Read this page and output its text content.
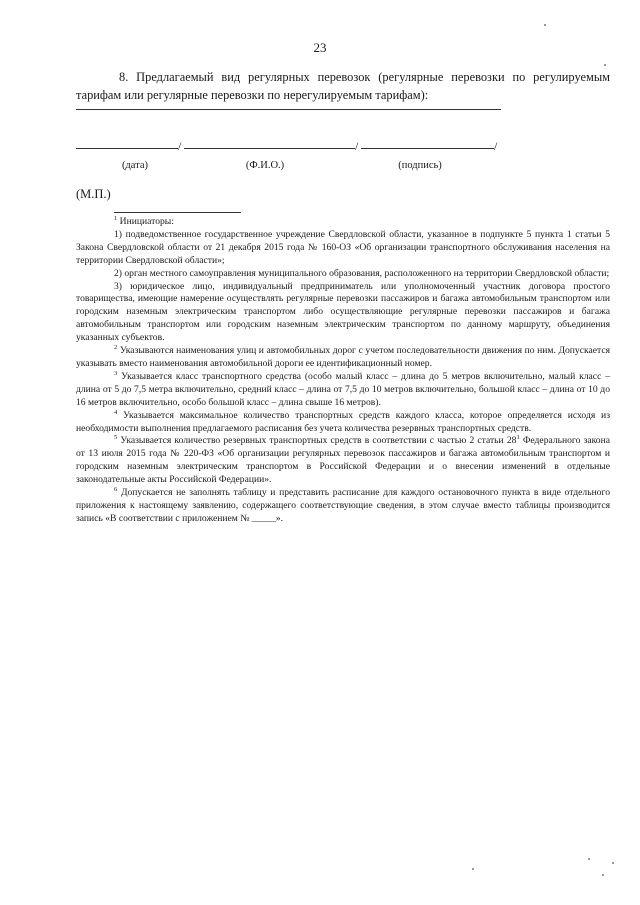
23

8. Предлагаемый вид регулярных перевозок (регулярные перевозки по регулируемым тарифам или регулярные перевозки по нерегулируемым тарифам):

/	/	/
(дата)	(Ф.И.О.)	(подпись)
(М.П.)

$^1$ Инициаторы:

1) подведомственное государственное учреждение Свердловской области, указанное в подпункте 5 пункта 1 статьи 5 Закона Свердловской области от 21 декабря 2015 года № 160-ОЗ «Об организации транспортного обслуживания населения на территории Свердловской области»;

2) орган местного самоуправления муниципального образования, расположенного на территории Свердловской области;

3) юридическое лицо, индивидуальный предприниматель или уполномоченный участник договора простого товарищества, имеющие намерение осуществлять регулярные перевозки пассажиров и багажа автомобильным транспортом или городским наземным электрическим транспортом либо осуществляющие регулярные перевозки пассажиров и багажа автомобильным транспортом или городским наземным электрическим транспортом по данному маршруту, объединения указанных субъектов.

$^2$ Указываются наименования улиц и автомобильных дорог с учетом последовательности движения по ним. Допускается указывать вместо наименования автомобильной дороги ее идентификационный номер.

$^3$ Указывается класс транспортного средства (особо малый класс – длина до 5 метров включительно, малый класс – длина от 5 до 7,5 метра включительно, средний класс – длина от 7,5 до 10 метров включительно, большой класс – длина от 10 до 16 метров включительно, особо большой класс – длина свыше 16 метров).

$^4$ Указывается максимальное количество транспортных средств каждого класса, которое определяется исходя из необходимости выполнения предлагаемого расписания без учета количества резервных транспортных средств.

$^5$ Указывается количество резервных транспортных средств в соответствии с частью 2 статьи $28^1$ Федерального закона от 13 июля 2015 года № 220-ФЗ «Об организации регулярных перевозок пассажиров и багажа автомобильным транспортом и городским наземным электрическим транспортом в Российской Федерации и о внесении изменений в отдельные законодательные акты Российской Федерации».

$^6$ Допускается не заполнять таблицу и представить расписание для каждого остановочного пункта в виде отдельного приложения к настоящему заявлению, содержащего соответствующие сведения, в этом случае вместо таблицы производится запись «В соответствии с приложением № _____».
